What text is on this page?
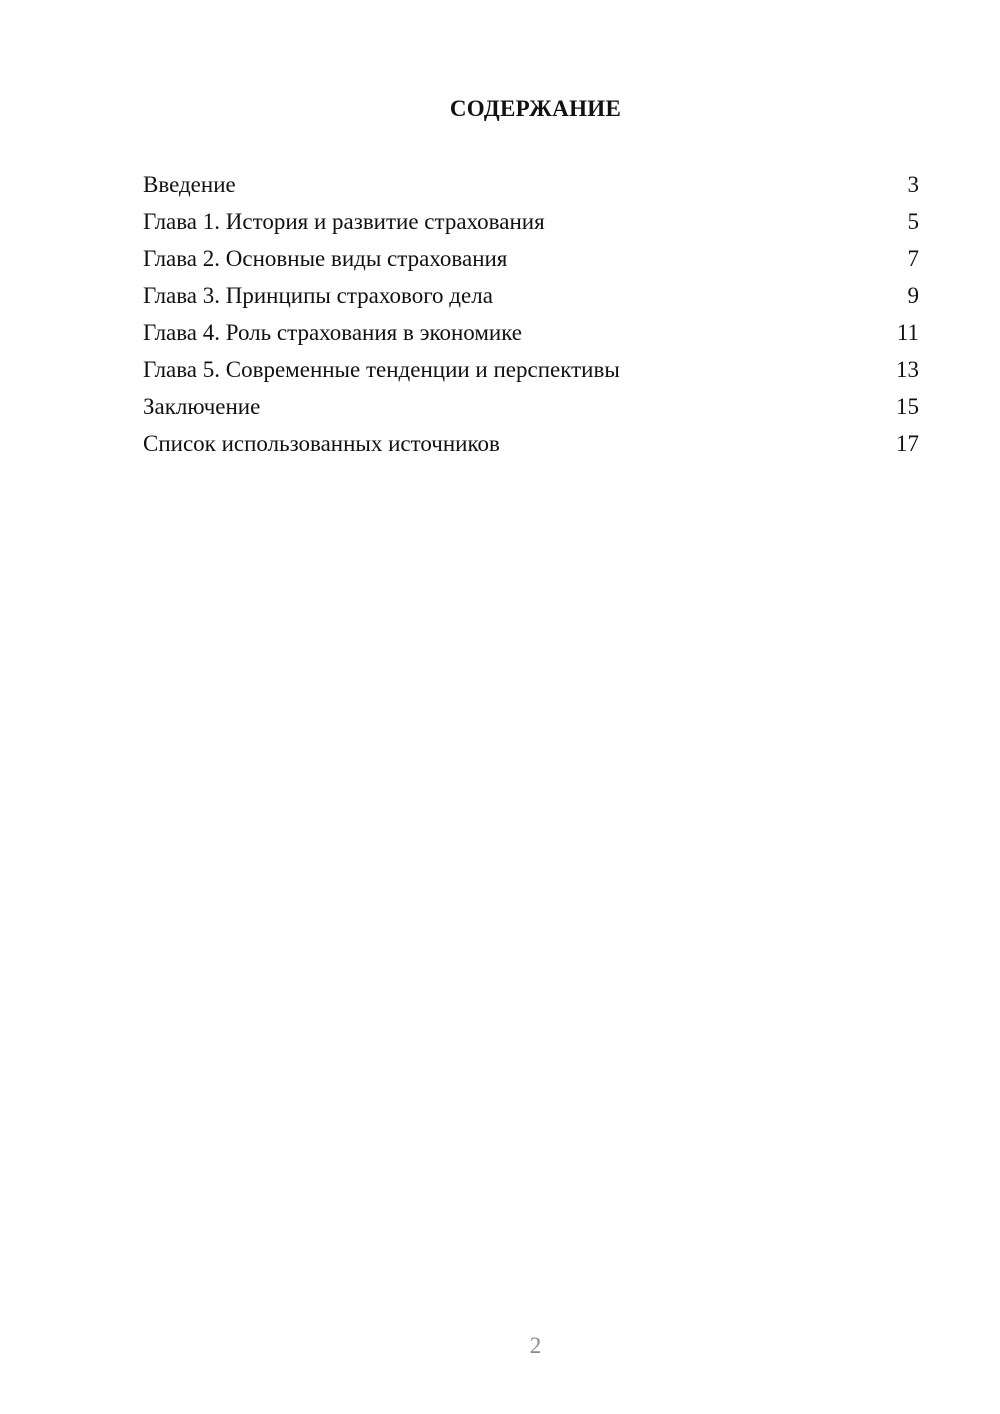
СОДЕРЖАНИЕ
Введение	3
Глава 1. История и развитие страхования	5
Глава 2. Основные виды страхования	7
Глава 3. Принципы страхового дела	9
Глава 4. Роль страхования в экономике	11
Глава 5. Современные тенденции и перспективы	13
Заключение	15
Список использованных источников	17
2
